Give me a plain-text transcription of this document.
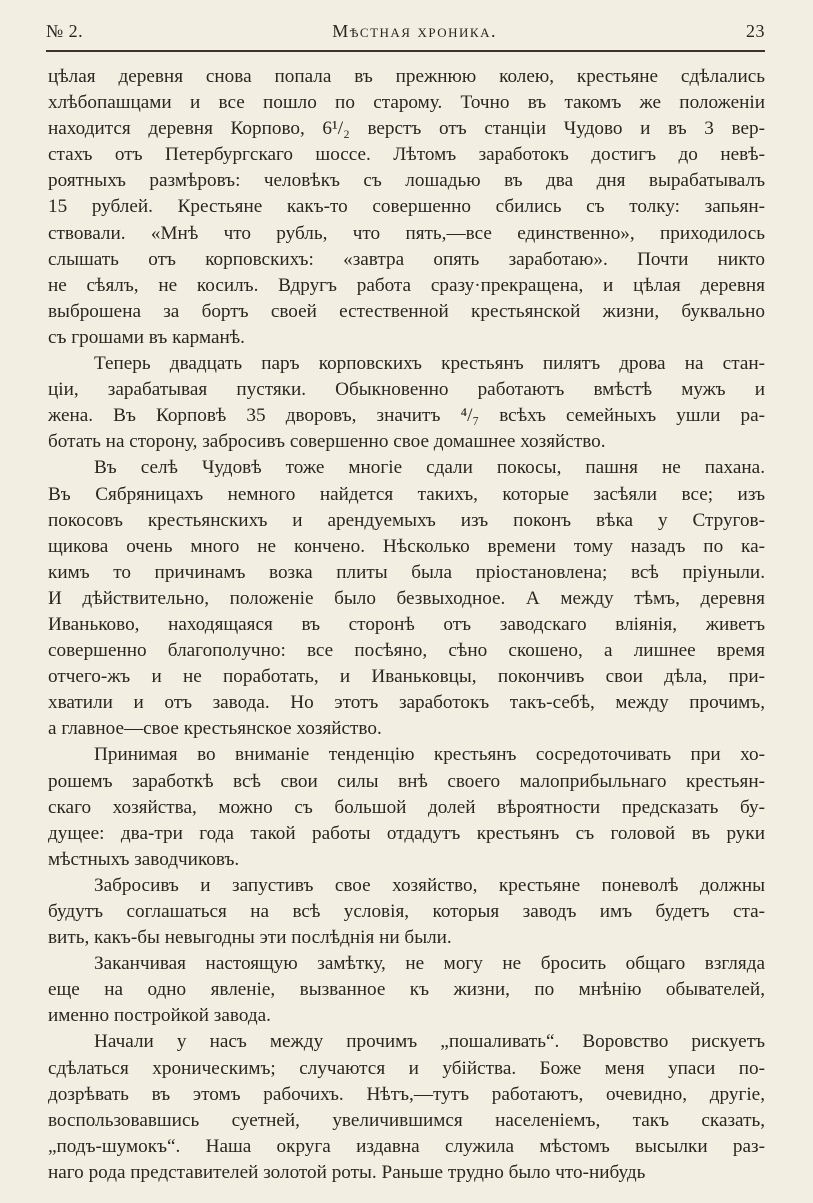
№ 2.	Мѣстная хроника.	23

цѣлая деревня снова попала въ прежнюю колею, крестьяне сдѣлались
хлѣбопашцами и все пошло по старому. Точно въ такомъ же положеніи
находится деревня Корпово, 6¹/₂ верстъ отъ станціи Чудово и въ 3 вер-
стахъ отъ Петербургскаго шоссе. Лѣтомъ заработокъ достигъ до невѣ-
роятныхъ размѣровъ: человѣкъ съ лошадью въ два дня вырабатывалъ
15 рублей. Крестьяне какъ-то совершенно сбились съ толку: запьян-
ствовали. «Мнѣ что рубль, что пять,—все единственно», приходилось
слышать отъ корповскихъ: «завтра опять заработаю». Почти никто
не сѣялъ, не косилъ. Вдругъ работа сразу·прекращена, и цѣлая деревня
выброшена за бортъ своей естественной крестьянской жизни, буквально
съ грошами въ карманѣ.

Теперь двадцать паръ корповскихъ крестьянъ пилятъ дрова на стан-
ціи, зарабатывая пустяки. Обыкновенно работаютъ вмѣстѣ мужъ и
жена. Въ Корповѣ 35 дворовъ, значитъ ⁴/₇ всѣхъ семейныхъ ушли ра-
ботать на сторону, забросивъ совершенно свое домашнее хозяйство.

Въ селѣ Чудовѣ тоже многіе сдали покосы, пашня не пахана.
Въ Сябряницахъ немного найдется такихъ, которые засѣяли все; изъ
покосовъ крестьянскихъ и арендуемыхъ изъ поконъ вѣка у Стругов-
щикова очень много не кончено. Нѣсколько времени тому назадъ по ка-
кимъ то причинамъ возка плиты была пріостановлена; всѣ пріуныли.
И дѣйствительно, положеніе было безвыходное. А между тѣмъ, деревня
Иваньково, находящаяся въ сторонѣ отъ заводскаго вліянія, живетъ
совершенно благополучно: все посѣяно, сѣно скошено, а лишнее время
отчего-жъ и не поработать, и Иваньковцы, покончивъ свои дѣла, при-
хватили и отъ завода. Но этотъ заработокъ такъ-себѣ, между прочимъ,
а главное—свое крестьянское хозяйство.

Принимая во вниманіе тенденцію крестьянъ сосредоточивать при хо-
рошемъ заработкѣ всѣ свои силы внѣ своего малоприбыльнаго крестьян-
скаго хозяйства, можно съ большой долей вѣроятности предсказать бу-
дущее: два-три года такой работы отдадутъ крестьянъ съ головой въ руки
мѣстныхъ заводчиковъ.

Забросивъ и запустивъ свое хозяйство, крестьяне поневолѣ должны
будутъ соглашаться на всѣ условія, которыя заводъ имъ будетъ ста-
вить, какъ-бы невыгодны эти послѣднія ни были.

Заканчивая настоящую замѣтку, не могу не бросить общаго взгляда
еще на одно явленіе, вызванное къ жизни, по мнѣнію обывателей,
именно постройкой завода.

Начали у насъ между прочимъ „пошаливать“. Воровство рискуетъ
сдѣлаться хроническимъ; случаются и убійства. Боже меня упаси по-
дозрѣвать въ этомъ рабочихъ. Нѣтъ,—тутъ работаютъ, очевидно, другіе,
воспользовавшись суетней, увеличившимся населеніемъ, такъ сказать,
„подъ-шумокъ“. Наша округа издавна служила мѣстомъ высылки раз-
наго рода представителей золотой роты. Раньше трудно было что-нибудь
